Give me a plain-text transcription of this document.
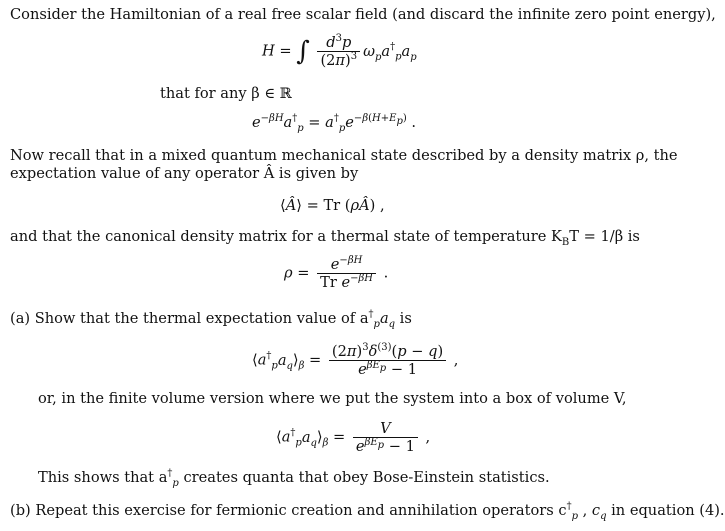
Consider the Hamiltonian of a real free scalar field (and discard the infinite zero point energy),
H = ∫ $\frac{d^3p}{(2\pi)^3} \omega_pa^\dagger_pa_p$
that for any β ∈ ℝ
$e^{-\beta H}a^\dagger_p = a^\dagger_pe^{-\beta(H+E_p)}$ .
Now recall that in a mixed quantum mechanical state described by a density matrix ρ, the
expectation value of any operator Â is given by
⟨Â⟩ = Tr (ρÂ) ,
and that the canonical density matrix for a thermal state of temperature $K_BT = 1/\beta$ is
$\rho = \frac{e^{-\beta H}}{Tr e^{-\beta H}}$ .
(a) Show that the thermal expectation value of $a^\dagger_pa_q$ is
$⟨a^\dagger_pa_q⟩_\beta = \frac{(2\pi)^3\delta^{(3)}(p - q)}{e^{\beta E_p} - 1}$ ,
or, in the finite volume version where we put the system into a box of volume V,
$⟨a^\dagger_pa_q⟩_\beta = \frac{V}{e^{\beta E_p} - 1}$ ,
This shows that $a^\dagger_p$ creates quanta that obey Bose-Einstein statistics.
(b) Repeat this exercise for fermionic creation and annihilation operators $c^\dagger_p$ , $c_q$ in equation (4).
